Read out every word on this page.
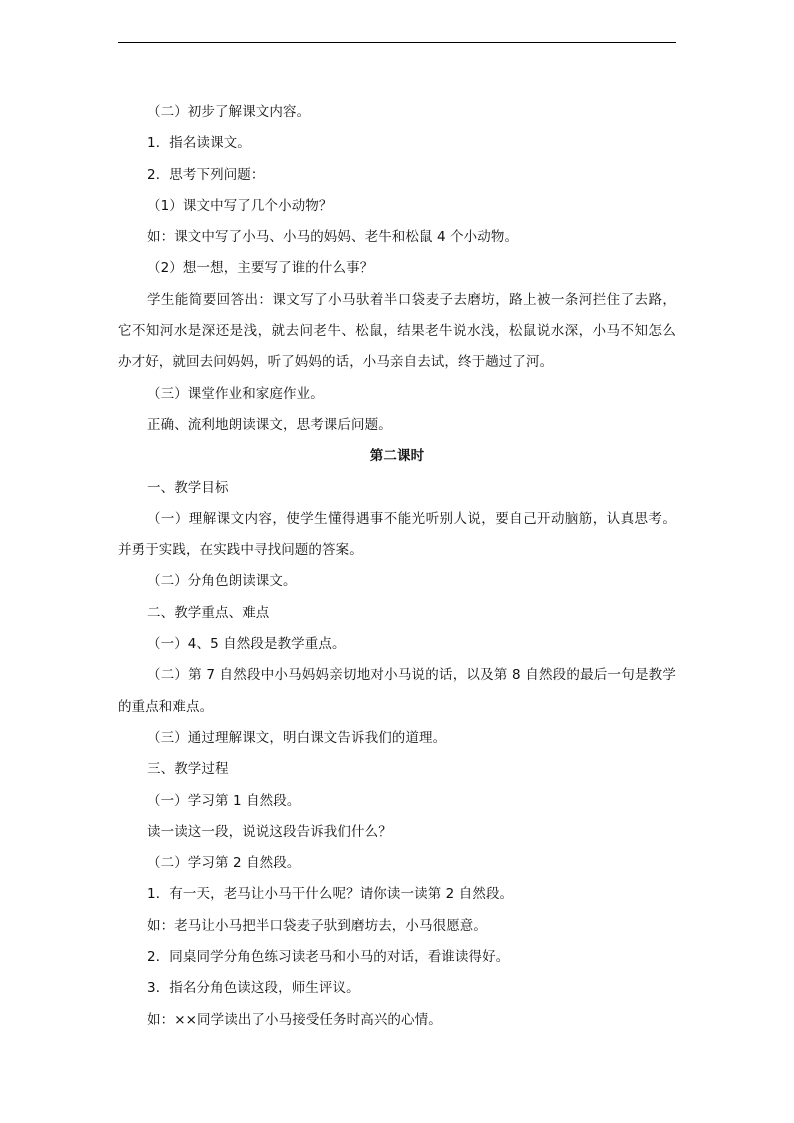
（二）初步了解课文内容。
1．指名读课文。
2．思考下列问题：
（1）课文中写了几个小动物？
如：课文中写了小马、小马的妈妈、老牛和松鼠 4 个小动物。
（2）想一想，主要写了谁的什么事？
学生能简要回答出：课文写了小马驮着半口袋麦子去磨坊，路上被一条河拦住了去路，
它不知河水是深还是浅，就去问老牛、松鼠，结果老牛说水浅，松鼠说水深，小马不知怎么
办才好，就回去问妈妈，听了妈妈的话，小马亲自去试，终于趟过了河。
（三）课堂作业和家庭作业。
正确、流利地朗读课文，思考课后问题。
第二课时
一、教学目标
（一）理解课文内容，使学生懂得遇事不能光听别人说，要自己开动脑筋，认真思考。
并勇于实践，在实践中寻找问题的答案。
（二）分角色朗读课文。
二、教学重点、难点
（一）4、5 自然段是教学重点。
（二）第 7 自然段中小马妈妈亲切地对小马说的话，以及第 8 自然段的最后一句是教学
的重点和难点。
（三）通过理解课文，明白课文告诉我们的道理。
三、教学过程
（一）学习第 1 自然段。
读一读这一段，说说这段告诉我们什么？
（二）学习第 2 自然段。
1．有一天，老马让小马干什么呢？请你读一读第 2 自然段。
如：老马让小马把半口袋麦子驮到磨坊去，小马很愿意。
2．同桌同学分角色练习读老马和小马的对话，看谁读得好。
3．指名分角色读这段，师生评议。
如：××同学读出了小马接受任务时高兴的心情。
